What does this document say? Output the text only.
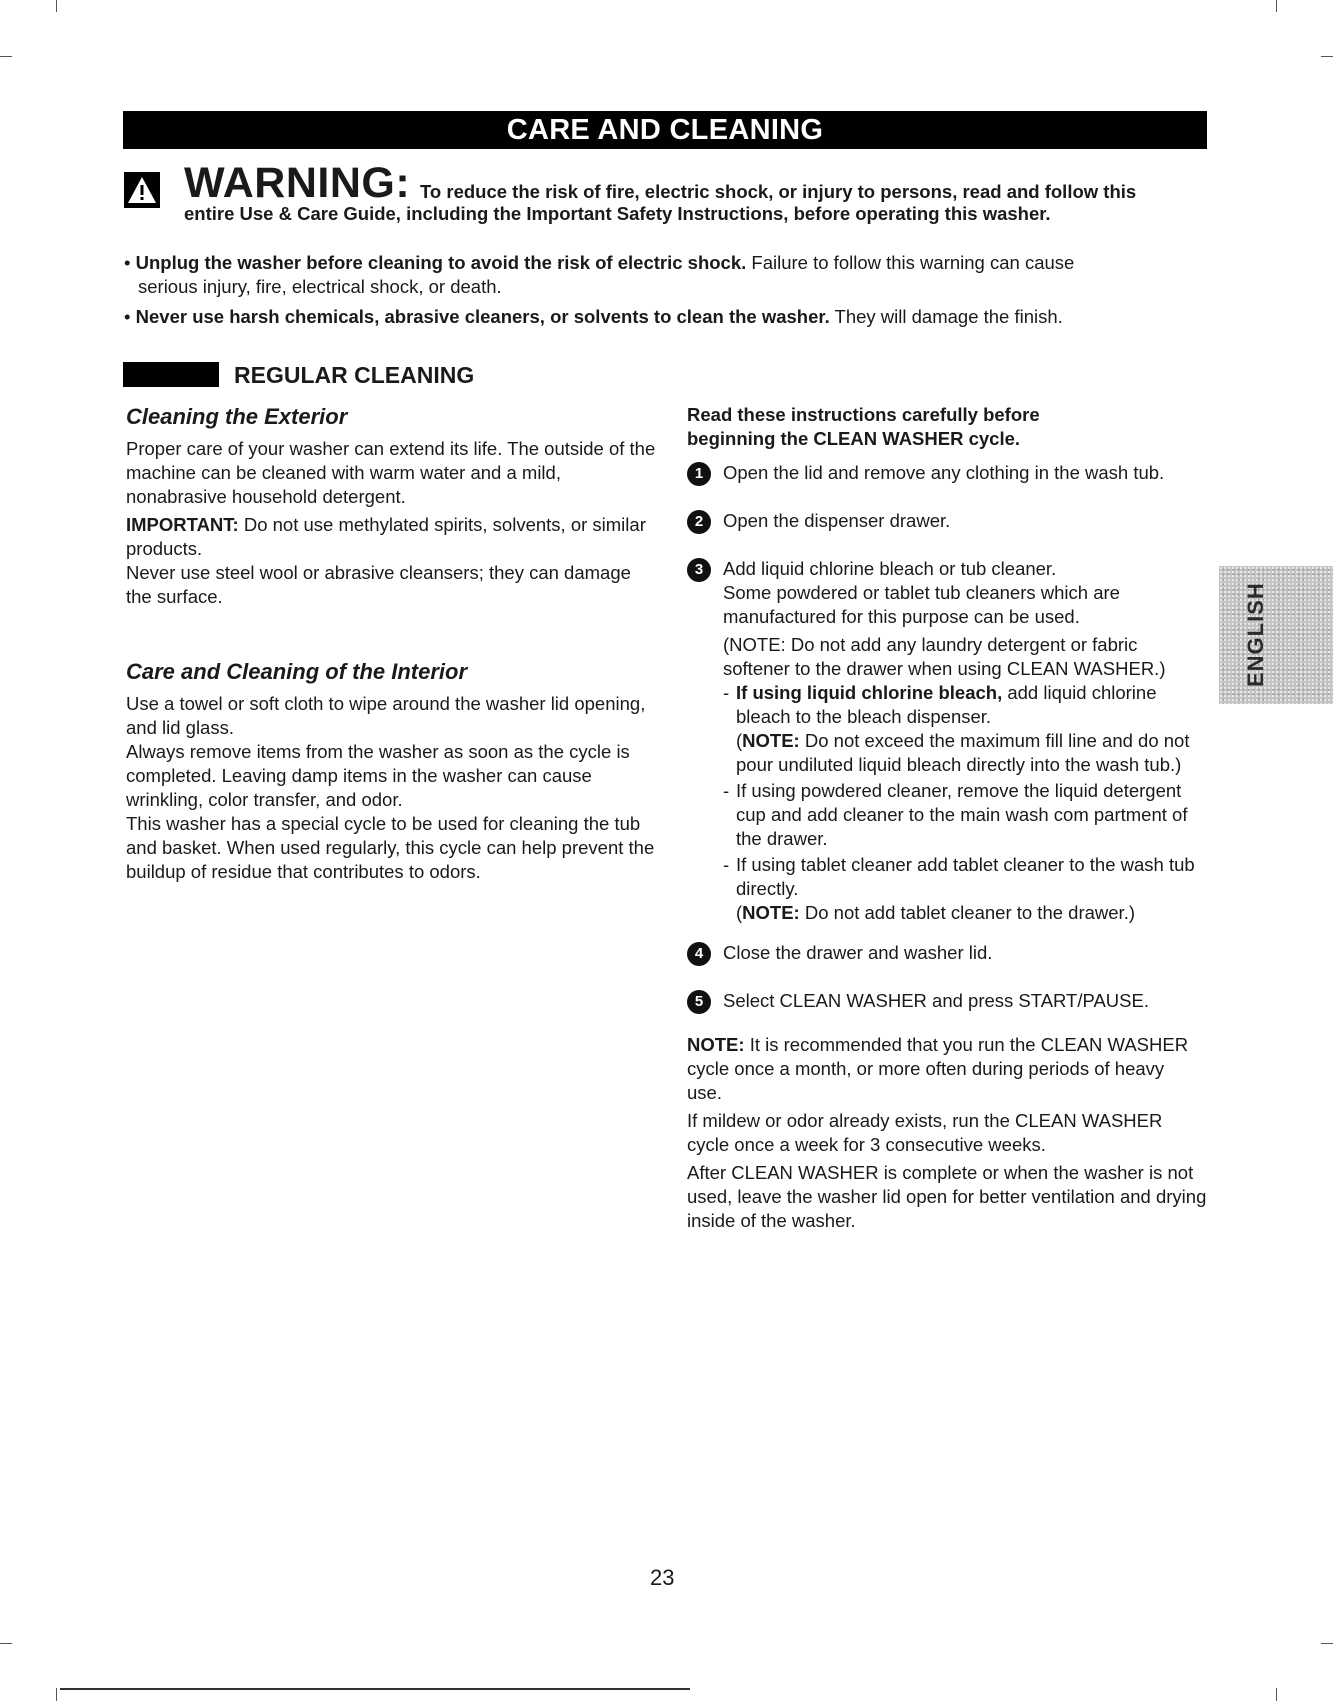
CARE AND CLEANING
WARNING: To reduce the risk of fire, electric shock, or injury to persons, read and follow this
entire Use & Care Guide, including the Important Safety Instructions, before operating this washer.
• Unplug the washer before cleaning to avoid the risk of electric shock. Failure to follow this warning can cause
serious injury, fire, electrical shock, or death.
• Never use harsh chemicals, abrasive cleaners, or solvents to clean the washer. They will damage the finish.
REGULAR CLEANING
Cleaning the Exterior

Proper care of your washer can extend its life. The outside of the machine can be cleaned with warm water and a mild, nonabrasive household detergent.

IMPORTANT: Do not use methylated spirits, solvents, or similar products.

Never use steel wool or abrasive cleansers; they can damage the surface.

Care and Cleaning of the Interior

Use a towel or soft cloth to wipe around the washer lid opening, and lid glass.

Always remove items from the washer as soon as the cycle is completed. Leaving damp items in the washer can cause wrinkling, color transfer, and odor.

This washer has a special cycle to be used for cleaning the tub and basket. When used regularly, this cycle can help prevent the buildup of residue that contributes to odors.

Read these instructions carefully before beginning the CLEAN WASHER cycle.

1	Open the lid and remove any clothing in the wash tub.
2	Open the dispenser drawer.
3	Add liquid chlorine bleach or tub cleaner.
Some powdered or tablet tub cleaners which are manufactured for this purpose can be used.
(NOTE: Do not add any laundry detergent or fabric softener to the drawer when using CLEAN WASHER.)
- If using liquid chlorine bleach, add liquid chlorine bleach to the bleach dispenser.
(NOTE: Do not exceed the maximum fill line and do not pour undiluted liquid bleach directly into the wash tub.)
- If using powdered cleaner, remove the liquid detergent cup and add cleaner to the main wash com partment of the drawer.
- If using tablet cleaner add tablet cleaner to the wash tub directly.
(NOTE: Do not add tablet cleaner to the drawer.)
4	Close the drawer and washer lid.
5	Select CLEAN WASHER and press START/PAUSE.

NOTE: It is recommended that you run the CLEAN WASHER cycle once a month, or more often during periods of heavy use.

If mildew or odor already exists, run the CLEAN WASHER cycle once a week for 3 consecutive weeks.

After CLEAN WASHER is complete or when the washer is not used, leave the washer lid open for better ventilation and drying inside of the washer.

ENGLISH
23
